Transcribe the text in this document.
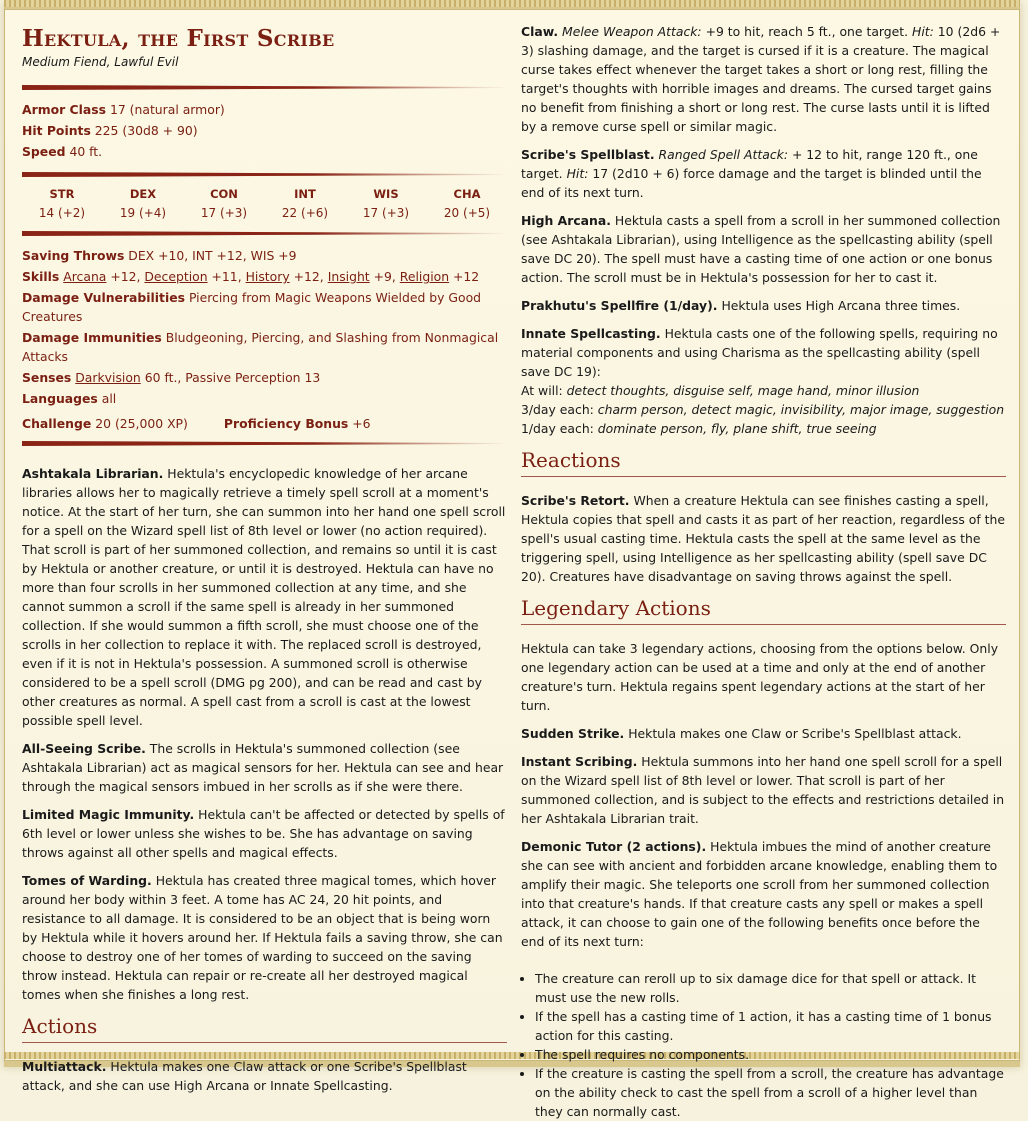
Hektula, the First Scribe
Medium Fiend, Lawful Evil
Armor Class 17 (natural armor)
Hit Points 225 (30d8 + 90)
Speed 40 ft.
STR
14 (+2)
DEX
19 (+4)
CON
17 (+3)
INT
22 (+6)
WIS
17 (+3)
CHA
20 (+5)
Saving Throws DEX +10, INT +12, WIS +9
Skills Arcana +12, Deception +11, History +12, Insight +9, Religion +12
Damage Vulnerabilities Piercing from Magic Weapons Wielded by Good Creatures
Damage Immunities Bludgeoning, Piercing, and Slashing from Nonmagical Attacks
Senses Darkvision 60 ft., Passive Perception 13
Languages all
Challenge 20 (25,000 XP)	Proficiency Bonus +6

Ashtakala Librarian. Hektula's encyclopedic knowledge of her arcane libraries allows her to magically retrieve a timely spell scroll at a moment's notice. At the start of her turn, she can summon into her hand one spell scroll for a spell on the Wizard spell list of 8th level or lower (no action required). That scroll is part of her summoned collection, and remains so until it is cast by Hektula or another creature, or until it is destroyed. Hektula can have no more than four scrolls in her summoned collection at any time, and she cannot summon a scroll if the same spell is already in her summoned collection. If she would summon a fifth scroll, she must choose one of the scrolls in her collection to replace it with. The replaced scroll is destroyed, even if it is not in Hektula's possession. A summoned scroll is otherwise considered to be a spell scroll (DMG pg 200), and can be read and cast by other creatures as normal. A spell cast from a scroll is cast at the lowest possible spell level.

All-Seeing Scribe. The scrolls in Hektula's summoned collection (see Ashtakala Librarian) act as magical sensors for her. Hektula can see and hear through the magical sensors imbued in her scrolls as if she were there.

Limited Magic Immunity. Hektula can't be affected or detected by spells of 6th level or lower unless she wishes to be. She has advantage on saving throws against all other spells and magical effects.

Tomes of Warding. Hektula has created three magical tomes, which hover around her body within 3 feet. A tome has AC 24, 20 hit points, and resistance to all damage. It is considered to be an object that is being worn by Hektula while it hovers around her. If Hektula fails a saving throw, she can choose to destroy one of her tomes of warding to succeed on the saving throw instead. Hektula can repair or re-create all her destroyed magical tomes when she finishes a long rest.

Actions

Multiattack. Hektula makes one Claw attack or one Scribe's Spellblast attack, and she can use High Arcana or Innate Spellcasting.

Claw. Melee Weapon Attack: +9 to hit, reach 5 ft., one target. Hit: 10 (2d6 + 3) slashing damage, and the target is cursed if it is a creature. The magical curse takes effect whenever the target takes a short or long rest, filling the target's thoughts with horrible images and dreams. The cursed target gains no benefit from finishing a short or long rest. The curse lasts until it is lifted by a remove curse spell or similar magic.

Scribe's Spellblast. Ranged Spell Attack: + 12 to hit, range 120 ft., one target. Hit: 17 (2d10 + 6) force damage and the target is blinded until the end of its next turn.

High Arcana. Hektula casts a spell from a scroll in her summoned collection (see Ashtakala Librarian), using Intelligence as the spellcasting ability (spell save DC 20). The spell must have a casting time of one action or one bonus action. The scroll must be in Hektula's possession for her to cast it.

Prakhutu's Spellfire (1/day). Hektula uses High Arcana three times.

Innate Spellcasting. Hektula casts one of the following spells, requiring no material components and using Charisma as the spellcasting ability (spell save DC 19):
At will: detect thoughts, disguise self, mage hand, minor illusion
3/day each: charm person, detect magic, invisibility, major image, suggestion
1/day each: dominate person, fly, plane shift, true seeing
Reactions

Scribe's Retort. When a creature Hektula can see finishes casting a spell, Hektula copies that spell and casts it as part of her reaction, regardless of the spell's usual casting time. Hektula casts the spell at the same level as the triggering spell, using Intelligence as her spellcasting ability (spell save DC 20). Creatures have disadvantage on saving throws against the spell.

Legendary Actions

Hektula can take 3 legendary actions, choosing from the options below. Only one legendary action can be used at a time and only at the end of another creature's turn. Hektula regains spent legendary actions at the start of her turn.

Sudden Strike. Hektula makes one Claw or Scribe's Spellblast attack.

Instant Scribing. Hektula summons into her hand one spell scroll for a spell on the Wizard spell list of 8th level or lower. That scroll is part of her summoned collection, and is subject to the effects and restrictions detailed in her Ashtakala Librarian trait.

Demonic Tutor (2 actions). Hektula imbues the mind of another creature she can see with ancient and forbidden arcane knowledge, enabling them to amplify their magic. She teleports one scroll from her summoned collection into that creature's hands. If that creature casts any spell or makes a spell attack, it can choose to gain one of the following benefits once before the end of its next turn:

• The creature can reroll up to six damage dice for that spell or attack. It must use the new rolls.
• If the spell has a casting time of 1 action, it has a casting time of 1 bonus action for this casting.
• The spell requires no components.
• If the creature is casting the spell from a scroll, the creature has advantage on the ability check to cast the spell from a scroll of a higher level than they can normally cast.
